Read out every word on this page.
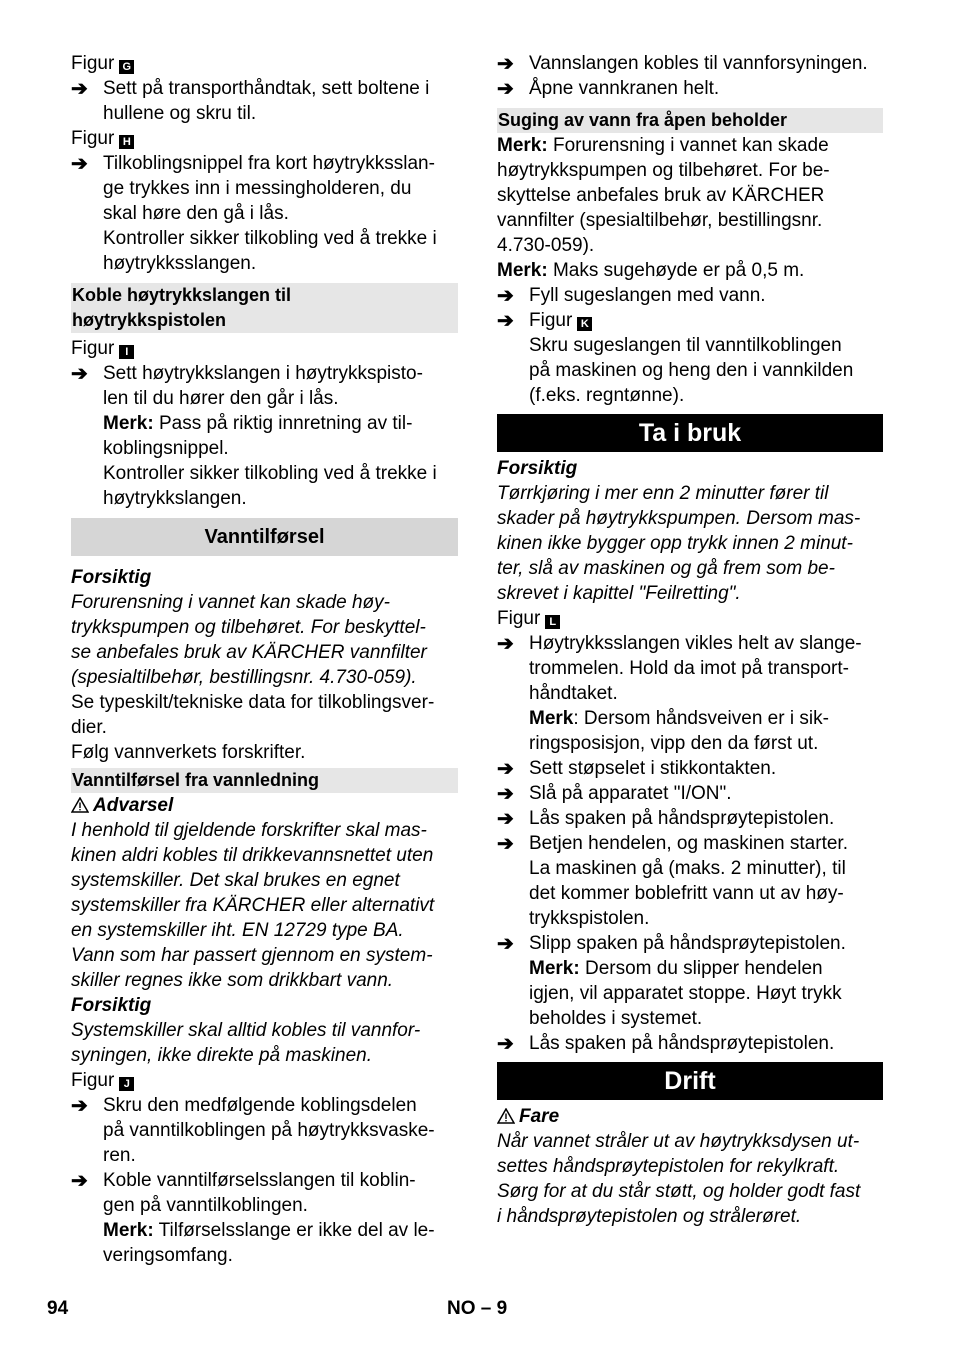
Figur G
➔ Sett på transporthåndtak, sett boltene i
hullene og skru til.
Figur H
➔ Tilkoblingsnippel fra kort høytrykksslan-
ge trykkes inn i messingholderen, du
skal høre den gå i lås.
Kontroller sikker tilkobling ved å trekke i
høytrykksslangen.
Koble høytrykkslangen til
høytrykkspistolen
Figur I
➔ Sett høytrykkslangen i høytrykkspisto-
len til du hører den går i lås.
Merk: Pass på riktig innretning av til-
koblingsnippel.
Kontroller sikker tilkobling ved å trekke i
høytrykkslangen.
Vanntilførsel
Forsiktig
Forurensning i vannet kan skade høy-
trykkspumpen og tilbehøret. For beskyttel-
se anbefales bruk av KÄRCHER vannfilter
(spesialtilbehør, bestillingsnr. 4.730-059).
Se typeskilt/tekniske data for tilkoblingsver-
dier.
Følg vannverkets forskrifter.
Vanntilførsel fra vannledning
Advarsel
I henhold til gjeldende forskrifter skal mas-
kinen aldri kobles til drikkevannsnettet uten
systemskiller. Det skal brukes en egnet
systemskiller fra KÄRCHER eller alternativt
en systemskiller iht. EN 12729 type BA.
Vann som har passert gjennom en system-
skiller regnes ikke som drikkbart vann.
Forsiktig
Systemskiller skal alltid kobles til vannfor-
syningen, ikke direkte på maskinen.
Figur J
➔ Skru den medfølgende koblingsdelen
på vanntilkoblingen på høytrykksvaske-
ren.
➔ Koble vanntilførselsslangen til koblin-
gen på vanntilkoblingen.
Merk: Tilførselsslange er ikke del av le-
veringsomfang.
➔ Vannslangen kobles til vannforsyningen.
➔ Åpne vannkranen helt.
Suging av vann fra åpen beholder
Merk: Forurensning i vannet kan skade
høytrykkspumpen og tilbehøret. For be-
skyttelse anbefales bruk av KÄRCHER
vannfilter (spesialtilbehør, bestillingsnr.
4.730-059).
Merk: Maks sugehøyde er på 0,5 m.
➔ Fyll sugeslangen med vann.
➔ Figur K
Skru sugeslangen til vanntilkoblingen
på maskinen og heng den i vannkilden
(f.eks. regntønne).
Ta i bruk
Forsiktig
Tørrkjøring i mer enn 2 minutter fører til
skader på høytrykkspumpen. Dersom mas-
kinen ikke bygger opp trykk innen 2 minut-
ter, slå av maskinen og gå frem som be-
skrevet i kapittel "Feilretting".
Figur L
➔ Høytrykksslangen vikles helt av slange-
trommelen. Hold da imot på transport-
håndtaket.
Merk: Dersom håndsveiven er i sik-
ringsposisjon, vipp den da først ut.
➔ Sett støpselet i stikkontakten.
➔ Slå på apparatet "I/ON".
➔ Lås spaken på håndsprøytepistolen.
➔ Betjen hendelen, og maskinen starter.
La maskinen gå (maks. 2 minutter), til
det kommer boblefritt vann ut av høy-
trykkspistolen.
➔ Slipp spaken på håndsprøytepistolen.
Merk: Dersom du slipper hendelen
igjen, vil apparatet stoppe. Høyt trykk
beholdes i systemet.
➔ Lås spaken på håndsprøytepistolen.
Drift
Fare
Når vannet stråler ut av høytrykksdysen ut-
settes håndsprøytepistolen for rekylkraft.
Sørg for at du står støtt, og holder godt fast
i håndsprøytepistolen og strålerøret.
94	NO – 9
